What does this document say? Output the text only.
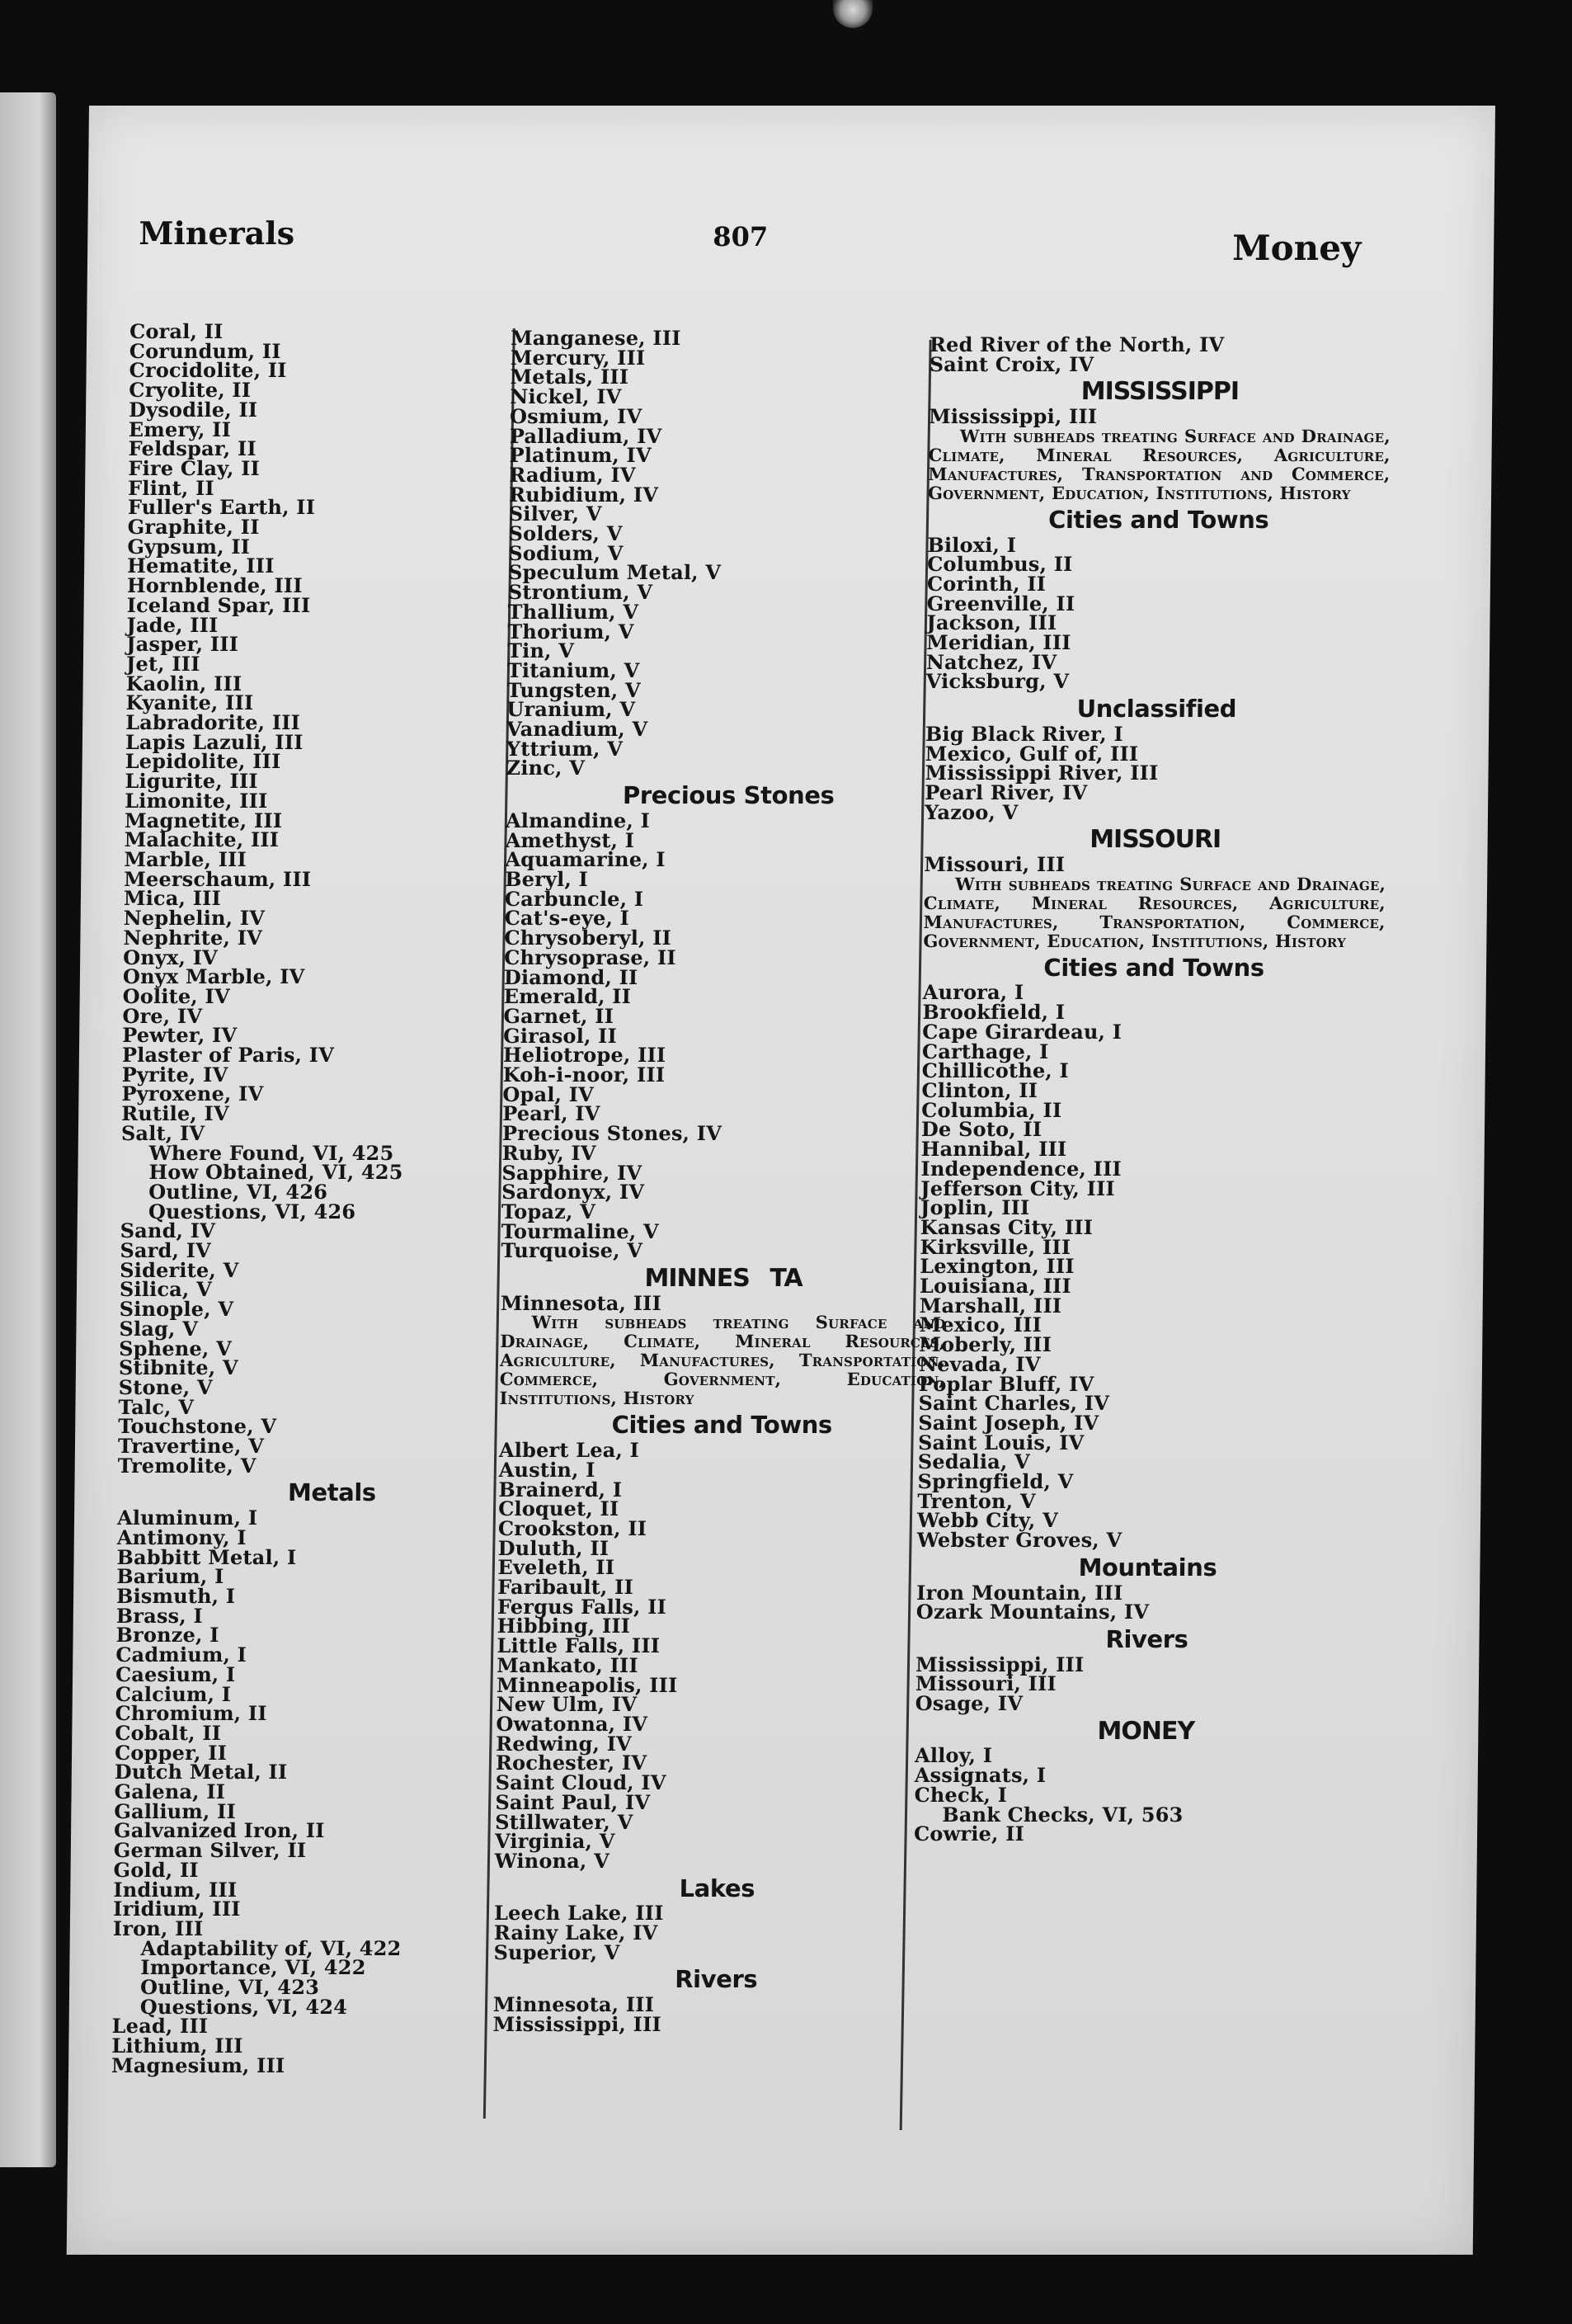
Minerals	807	Money
Coral, II
Corundum, II
Crocidolite, II
Cryolite, II
Dysodile, II
Emery, II
Feldspar, II
Fire Clay, II
Flint, II
Fuller's Earth, II
Graphite, II
Gypsum, II
Hematite, III
Hornblende, III
Iceland Spar, III
Jade, III
Jasper, III
Jet, III
Kaolin, III
Kyanite, III
Labradorite, III
Lapis Lazuli, III
Lepidolite, III
Ligurite, III
Limonite, III
Magnetite, III
Malachite, III
Marble, III
Meerschaum, III
Mica, III
Nephelin, IV
Nephrite, IV
Onyx, IV
Onyx Marble, IV
Oolite, IV
Ore, IV
Pewter, IV
Plaster of Paris, IV
Pyrite, IV
Pyroxene, IV
Rutile, IV
Salt, IV
Where Found, VI, 425
How Obtained, VI, 425
Outline, VI, 426
Questions, VI, 426
Sand, IV
Sard, IV
Siderite, V
Silica, V
Sinople, V
Slag, V
Sphene, V
Stibnite, V
Stone, V
Talc, V
Touchstone, V
Travertine, V
Tremolite, V
Metals
Aluminum, I
Antimony, I
Babbitt Metal, I
Barium, I
Bismuth, I
Brass, I
Bronze, I
Cadmium, I
Caesium, I
Calcium, I
Chromium, II
Cobalt, II
Copper, II
Dutch Metal, II
Galena, II
Gallium, II
Galvanized Iron, II
German Silver, II
Gold, II
Indium, III
Iridium, III
Iron, III
Adaptability of, VI, 422
Importance, VI, 422
Outline, VI, 423
Questions, VI, 424
Lead, III
Lithium, III
Magnesium, III
Manganese, III
Mercury, III
Metals, III
Nickel, IV
Osmium, IV
Palladium, IV
Platinum, IV
Radium, IV
Rubidium, IV
Silver, V
Solders, V
Sodium, V
Speculum Metal, V
Strontium, V
Thallium, V
Thorium, V
Tin, V
Titanium, V
Tungsten, V
Uranium, V
Vanadium, V
Yttrium, V
Zinc, V
Precious Stones
Almandine, I
Amethyst, I
Aquamarine, I
Beryl, I
Carbuncle, I
Cat's-eye, I
Chrysoberyl, II
Chrysoprase, II
Diamond, II
Emerald, II
Garnet, II
Girasol, II
Heliotrope, III
Koh-i-noor, III
Opal, IV
Pearl, IV
Precious Stones, IV
Ruby, IV
Sapphire, IV
Sardonyx, IV
Topaz, V
Tourmaline, V
Turquoise, V
MINNES TA
Minnesota, III
With subheads treating Surface and Drainage, Climate, Mineral Resources, Agriculture, Manufactures, Transportation, Commerce, Government, Education, Institutions, History
Cities and Towns
Albert Lea, I
Austin, I
Brainerd, I
Cloquet, II
Crookston, II
Duluth, II
Eveleth, II
Faribault, II
Fergus Falls, II
Hibbing, III
Little Falls, III
Mankato, III
Minneapolis, III
New Ulm, IV
Owatonna, IV
Redwing, IV
Rochester, IV
Saint Cloud, IV
Saint Paul, IV
Stillwater, V
Virginia, V
Winona, V
Lakes
Leech Lake, III
Rainy Lake, IV
Superior, V
Rivers
Minnesota, III
Mississippi, III
Red River of the North, IV
Saint Croix, IV
MISSISSIPPI
Mississippi, III
With subheads treating Surface and Drainage, Climate, Mineral Resources, Agriculture, Manufactures, Transportation and Commerce, Government, Education, Institutions, History
Cities and Towns
Biloxi, I
Columbus, II
Corinth, II
Greenville, II
Jackson, III
Meridian, III
Natchez, IV
Vicksburg, V
Unclassified
Big Black River, I
Mexico, Gulf of, III
Mississippi River, III
Pearl River, IV
Yazoo, V
MISSOURI
Missouri, III
With subheads treating Surface and Drainage, Climate, Mineral Resources, Agriculture, Manufactures, Transportation, Commerce, Government, Education, Institutions, History
Cities and Towns
Aurora, I
Brookfield, I
Cape Girardeau, I
Carthage, I
Chillicothe, I
Clinton, II
Columbia, II
De Soto, II
Hannibal, III
Independence, III
Jefferson City, III
Joplin, III
Kansas City, III
Kirksville, III
Lexington, III
Louisiana, III
Marshall, III
Mexico, III
Moberly, III
Nevada, IV
Poplar Bluff, IV
Saint Charles, IV
Saint Joseph, IV
Saint Louis, IV
Sedalia, V
Springfield, V
Trenton, V
Webb City, V
Webster Groves, V
Mountains
Iron Mountain, III
Ozark Mountains, IV
Rivers
Mississippi, III
Missouri, III
Osage, IV
MONEY
Alloy, I
Assignats, I
Check, I
Bank Checks, VI, 563
Cowrie, II
